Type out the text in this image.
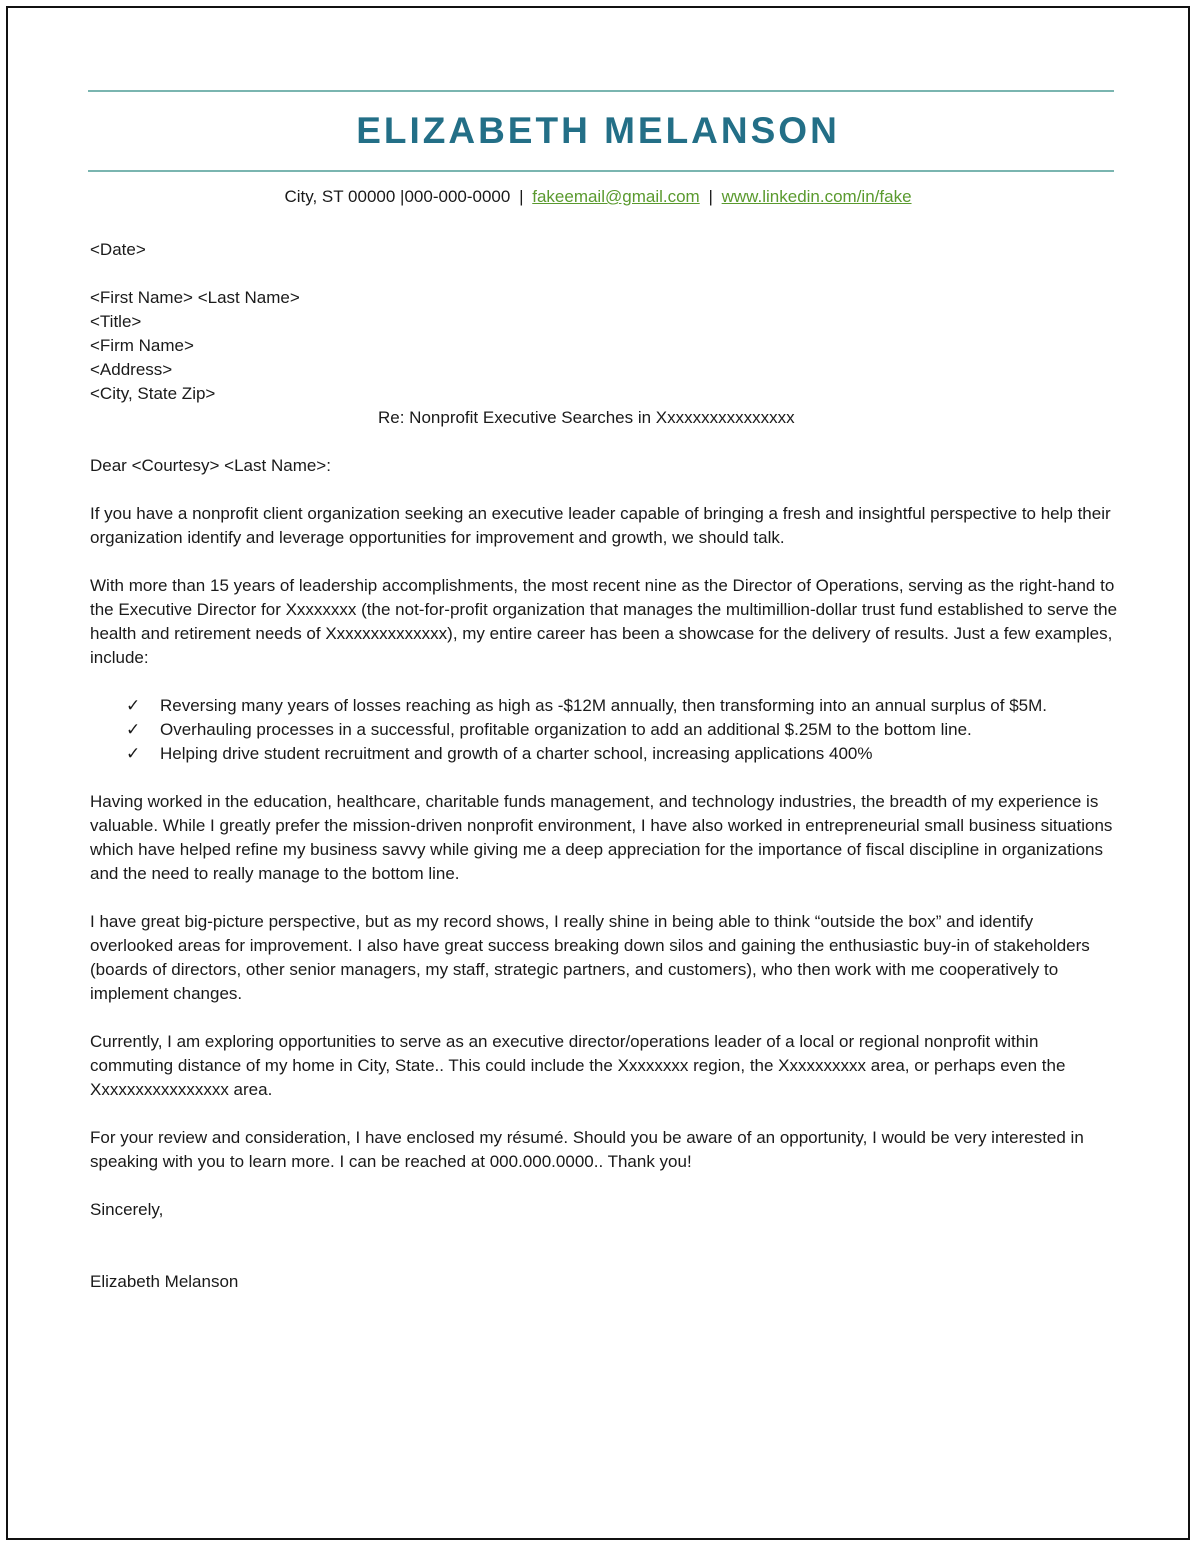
ELIZABETH MELANSON
City, ST 00000 |000-000-0000 | fakeemail@gmail.com | www.linkedin.com/in/fake
<Date>
<First Name> <Last Name>
<Title>
<Firm Name>
<Address>
<City, State Zip>
Re: Nonprofit Executive Searches in Xxxxxxxxxxxxxxxx

Dear <Courtesy> <Last Name>:

If you have a nonprofit client organization seeking an executive leader capable of bringing a fresh and insightful perspective to help their organization identify and leverage opportunities for improvement and growth, we should talk.

With more than 15 years of leadership accomplishments, the most recent nine as the Director of Operations, serving as the right-hand to the Executive Director for Xxxxxxxx (the not-for-profit organization that manages the multimillion-dollar trust fund established to serve the health and retirement needs of Xxxxxxxxxxxxxx), my entire career has been a showcase for the delivery of results. Just a few examples, include:

✓ Reversing many years of losses reaching as high as -$12M annually, then transforming into an annual surplus of $5M.
✓ Overhauling processes in a successful, profitable organization to add an additional $.25M to the bottom line.
✓ Helping drive student recruitment and growth of a charter school, increasing applications 400%

Having worked in the education, healthcare, charitable funds management, and technology industries, the breadth of my experience is valuable. While I greatly prefer the mission-driven nonprofit environment, I have also worked in entrepreneurial small business situations which have helped refine my business savvy while giving me a deep appreciation for the importance of fiscal discipline in organizations and the need to really manage to the bottom line.

I have great big-picture perspective, but as my record shows, I really shine in being able to think “outside the box” and identify overlooked areas for improvement. I also have great success breaking down silos and gaining the enthusiastic buy-in of stakeholders (boards of directors, other senior managers, my staff, strategic partners, and customers), who then work with me cooperatively to implement changes.

Currently, I am exploring opportunities to serve as an executive director/operations leader of a local or regional nonprofit within commuting distance of my home in City, State.. This could include the Xxxxxxxx region, the Xxxxxxxxxx area, or perhaps even the Xxxxxxxxxxxxxxxx area.

For your review and consideration, I have enclosed my résumé. Should you be aware of an opportunity, I would be very interested in speaking with you to learn more. I can be reached at 000.000.0000.. Thank you!

Sincerely,
Elizabeth Melanson
